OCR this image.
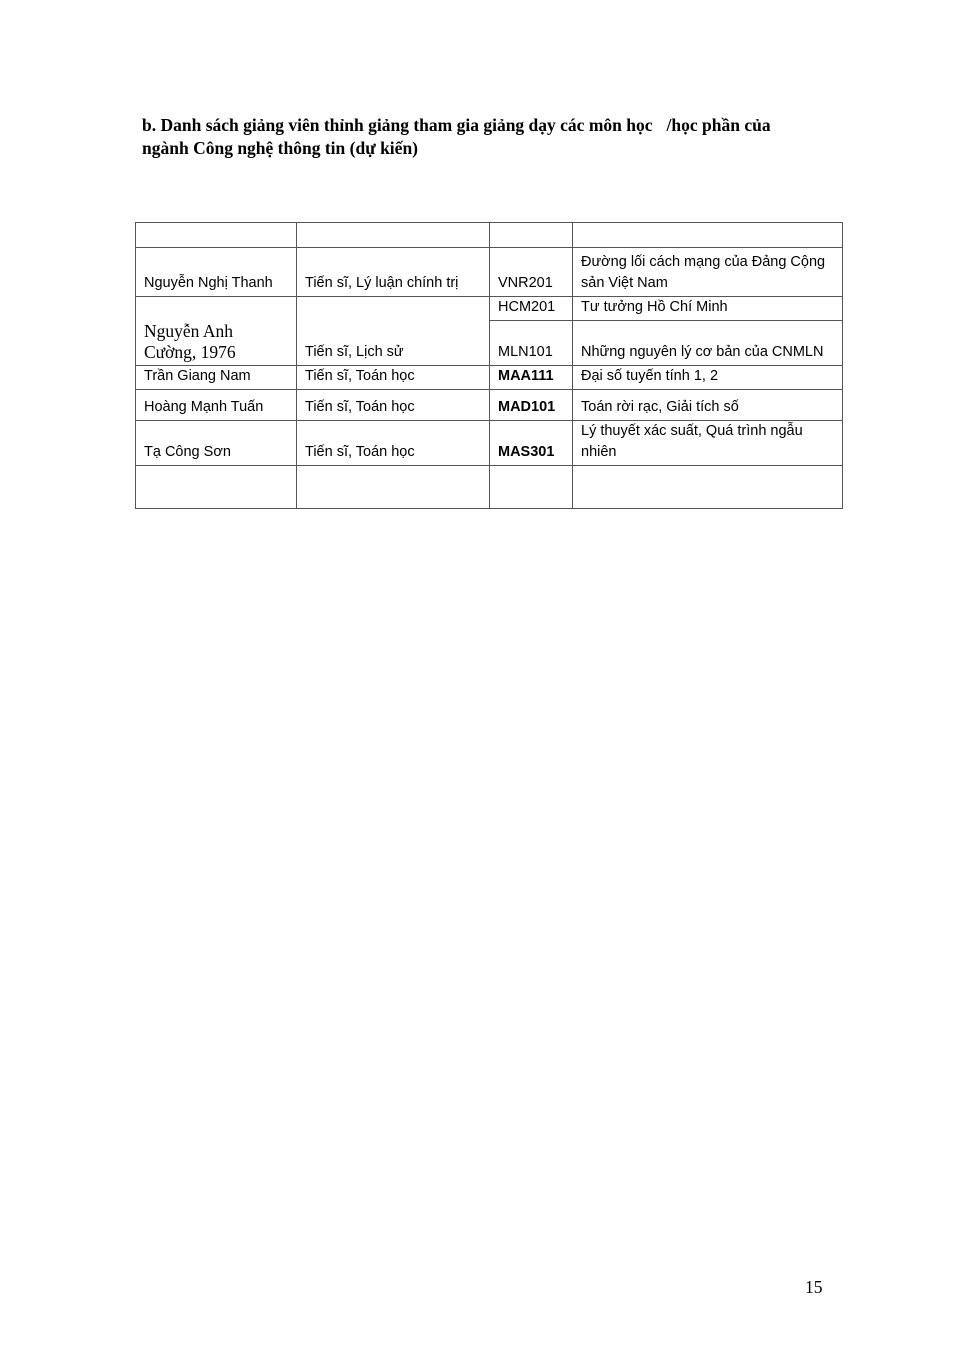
b. Danh sách giảng viên thỉnh giảng tham gia giảng dạy các môn học /học phần của
ngành Công nghệ thông tin (dự kiến)

Nguyễn Nghị Thanh	Tiến sĩ, Lý luận chính trị	VNR201	Đường lối cách mạng của Đảng Cộng sản Việt Nam
Nguyễn Anh Cường, 1976	Tiến sĩ, Lịch sử	HCM201	Tư tưởng Hồ Chí Minh
		MLN101	Những nguyên lý cơ bản của CNMLN
Trần Giang Nam	Tiến sĩ, Toán học	MAA111	Đại số tuyến tính 1, 2
Hoàng Mạnh Tuấn	Tiến sĩ, Toán học	MAD101	Toán rời rạc, Giải tích số
Tạ Công Sơn	Tiến sĩ, Toán học	MAS301	Lý thuyết xác suất, Quá trình ngẫu nhiên

15
